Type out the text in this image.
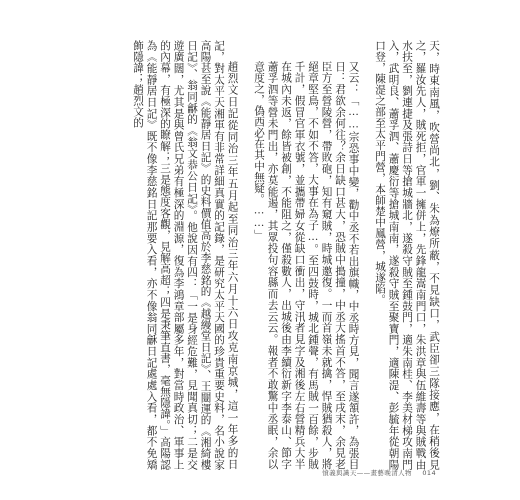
天，時東南風，吹營尚北，劉、朱為燎所蔽，不見缺口，武臣卻三隊接應，在稍後見之，羅汝先人，賊死拒，官軍一擁併上，先鋒龍嵩南門口，朱洪章與伍維壽等與賊戰由水扶至，劉連捷及張詩日等搶城牆北，遂殺守賊至鍾鼓門，適朱南桂、李美材梯攻南門入，武明良、蕭孚泗、蕭慶衍等搶城南南，遂殺守賊至聚寶門，適陳湜、彭毓年從朝陽口登，陳湜之部至太平門營，本師楚中鳳營，城遂陷。

又云：「……宗恐事中變，勸中丞不若出旗幟，中丞時方見，聞言遂頷許，為張目日：君欲余何往？余日缺口甚大，恐賊中搗撞，中丞大搖首不答，至戌末，余見老臣方至營陵營，帶敗砲，知有窺賊，時城邀復。一而首嶺未就擒，悍賊猶殺人，將絕章堅鳥，不如不答，大事在為子…。至四鼓時，城北鍾聲，有馬賊一百餘，步賊千計，假冒官軍衣號，並攜帶婦女從缺口衝出，守汛者見字及湘後左右營精兵大半在城內未返，餘皆被創，不能阻之，僅殺數人，出城後由李續衍新字李泰山、節字蕭孚泗等營未門出，亦莫能遏，其眾投句容縣而去云云。報者不敢驚中丞眠，余以意度之，偽西必在其中無疑。……」

趙烈文日記從同治三年五月起至同治三年六月十六日攻克南京城，這一年多的日記，對太平天湘軍有非常詳細真實的記錄，是研究太平天國的珍貴重要史料，名小說家高陽甚至說《能靜居日記》的史料價值高於李慈銘的《越縵堂日記》、王闓運的《湘綺樓日記》、翁同龢的《翁文恭公日記》。他說因有四：「一是身經危難，見聞真切；二是交遊廣闊，尤其是與曾氏兄弟有極深的淵源，復為李鴻章部屬多年，對當時政治、軍事上的內幕，有極深的瞭解；三是態度客觀，見解高超；四是秉筆直書，毫無隱諱。」高陽認為《能靜居日記》既不像李慈銘日記那要入看，亦不像翁同龢日記處處入看，都不免矯飾隱諱；趙烈文的

憤義與識天——畫藝晚清人物 014
